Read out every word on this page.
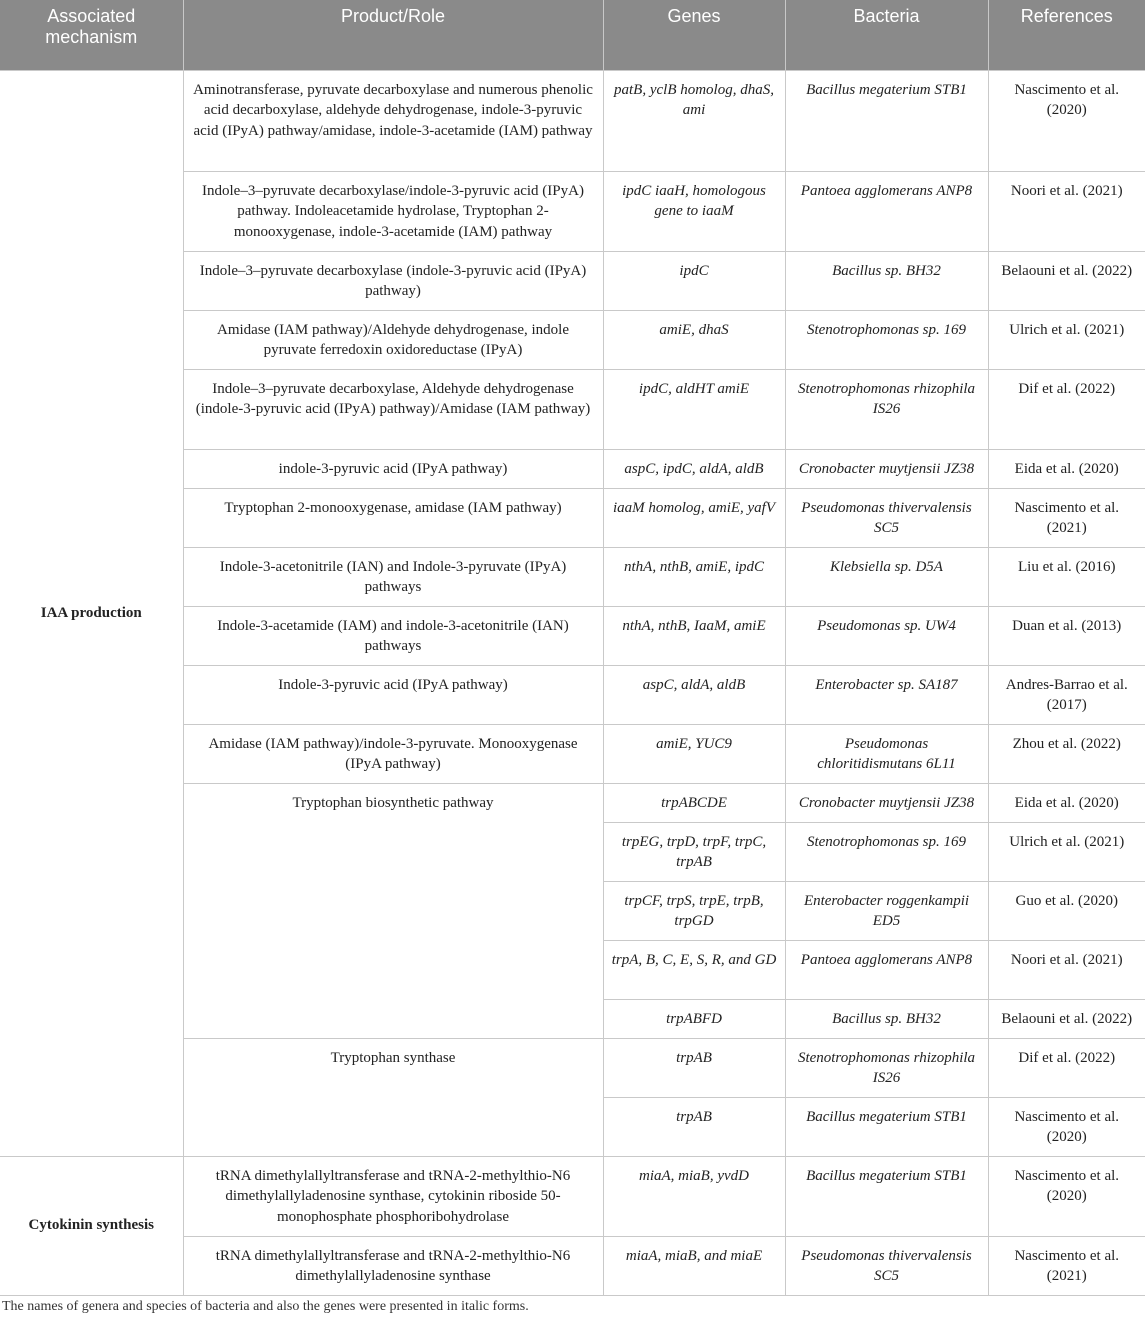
Associated mechanism	Product/Role	Genes	Bacteria	References
IAA production	Aminotransferase, pyruvate decarboxylase and numerous phenolic acid decarboxylase, aldehyde dehydrogenase, indole-3-pyruvic acid (IPyA) pathway/amidase, indole-3-acetamide (IAM) pathway	patB, yclB homolog, dhaS, ami	Bacillus megaterium STB1	Nascimento et al. (2020)
	Indole–3–pyruvate decarboxylase/indole-3-pyruvic acid (IPyA) pathway. Indoleacetamide hydrolase, Tryptophan 2-monooxygenase, indole-3-acetamide (IAM) pathway	ipdC iaaH, homologous gene to iaaM	Pantoea agglomerans ANP8	Noori et al. (2021)
	Indole–3–pyruvate decarboxylase (indole-3-pyruvic acid (IPyA) pathway)	ipdC	Bacillus sp. BH32	Belaouni et al. (2022)
	Amidase (IAM pathway)/Aldehyde dehydrogenase, indole pyruvate ferredoxin oxidoreductase (IPyA)	amiE, dhaS	Stenotrophomonas sp. 169	Ulrich et al. (2021)
	Indole–3–pyruvate decarboxylase, Aldehyde dehydrogenase (indole-3-pyruvic acid (IPyA) pathway)/Amidase (IAM pathway)	ipdC, aldHT amiE	Stenotrophomonas rhizophila IS26	Dif et al. (2022)
	indole-3-pyruvic acid (IPyA pathway)	aspC, ipdC, aldA, aldB	Cronobacter muytjensii JZ38	Eida et al. (2020)
	Tryptophan 2-monooxygenase, amidase (IAM pathway)	iaaM homolog, amiE, yafV	Pseudomonas thivervalensis SC5	Nascimento et al. (2021)
	Indole-3-acetonitrile (IAN) and Indole-3-pyruvate (IPyA) pathways	nthA, nthB, amiE, ipdC	Klebsiella sp. D5A	Liu et al. (2016)
	Indole-3-acetamide (IAM) and indole-3-acetonitrile (IAN) pathways	nthA, nthB, IaaM, amiE	Pseudomonas sp. UW4	Duan et al. (2013)
	Indole-3-pyruvic acid (IPyA pathway)	aspC, aldA, aldB	Enterobacter sp. SA187	Andres-Barrao et al. (2017)
	Amidase (IAM pathway)/indole-3-pyruvate. Monooxygenase (IPyA pathway)	amiE, YUC9	Pseudomonas chloritidismutans 6L11	Zhou et al. (2022)
	Tryptophan biosynthetic pathway	trpABCDE	Cronobacter muytjensii JZ38	Eida et al. (2020)
		trpEG, trpD, trpF, trpC, trpAB	Stenotrophomonas sp. 169	Ulrich et al. (2021)
		trpCF, trpS, trpE, trpB, trpGD	Enterobacter roggenkampii ED5	Guo et al. (2020)
		trpA, B, C, E, S, R, and GD	Pantoea agglomerans ANP8	Noori et al. (2021)
		trpABFD	Bacillus sp. BH32	Belaouni et al. (2022)
	Tryptophan synthase	trpAB	Stenotrophomonas rhizophila IS26	Dif et al. (2022)
		trpAB	Bacillus megaterium STB1	Nascimento et al. (2020)
Cytokinin synthesis	tRNA dimethylallyltransferase and tRNA-2-methylthio-N6 dimethylallyladenosine synthase, cytokinin riboside 50-monophosphate phosphoribohydrolase	miaA, miaB, yvdD	Bacillus megaterium STB1	Nascimento et al. (2020)
	tRNA dimethylallyltransferase and tRNA-2-methylthio-N6 dimethylallyladenosine synthase	miaA, miaB, and miaE	Pseudomonas thivervalensis SC5	Nascimento et al. (2021)
The names of genera and species of bacteria and also the genes were presented in italic forms.
